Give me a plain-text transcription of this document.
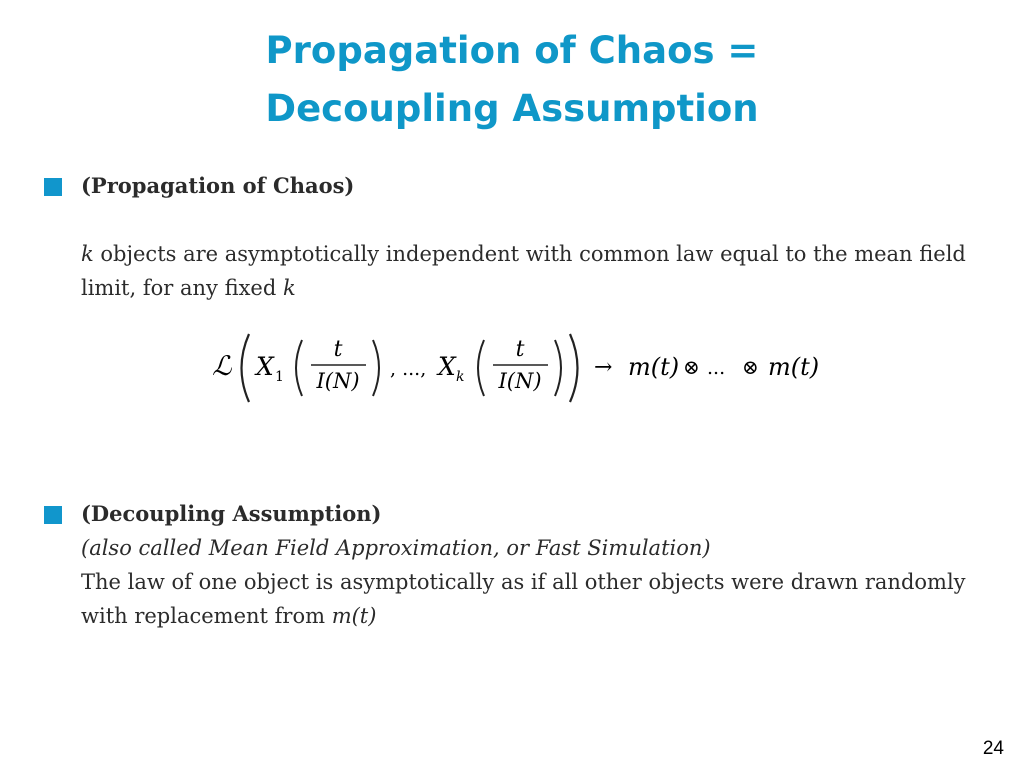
Propagation of Chaos =
Decoupling Assumption
(Propagation of Chaos)
k objects are asymptotically independent with common law equal to the mean field limit, for any fixed k
ℒ X 1
t
I(N) , ..., X k
t
I(N)
→ m(t) ⊗ ... ⊗ m(t)
(Decoupling Assumption)
(also called Mean Field Approximation, or Fast Simulation)
The law of one object is asymptotically as if all other objects were drawn randomly with replacement from m(t)
24
